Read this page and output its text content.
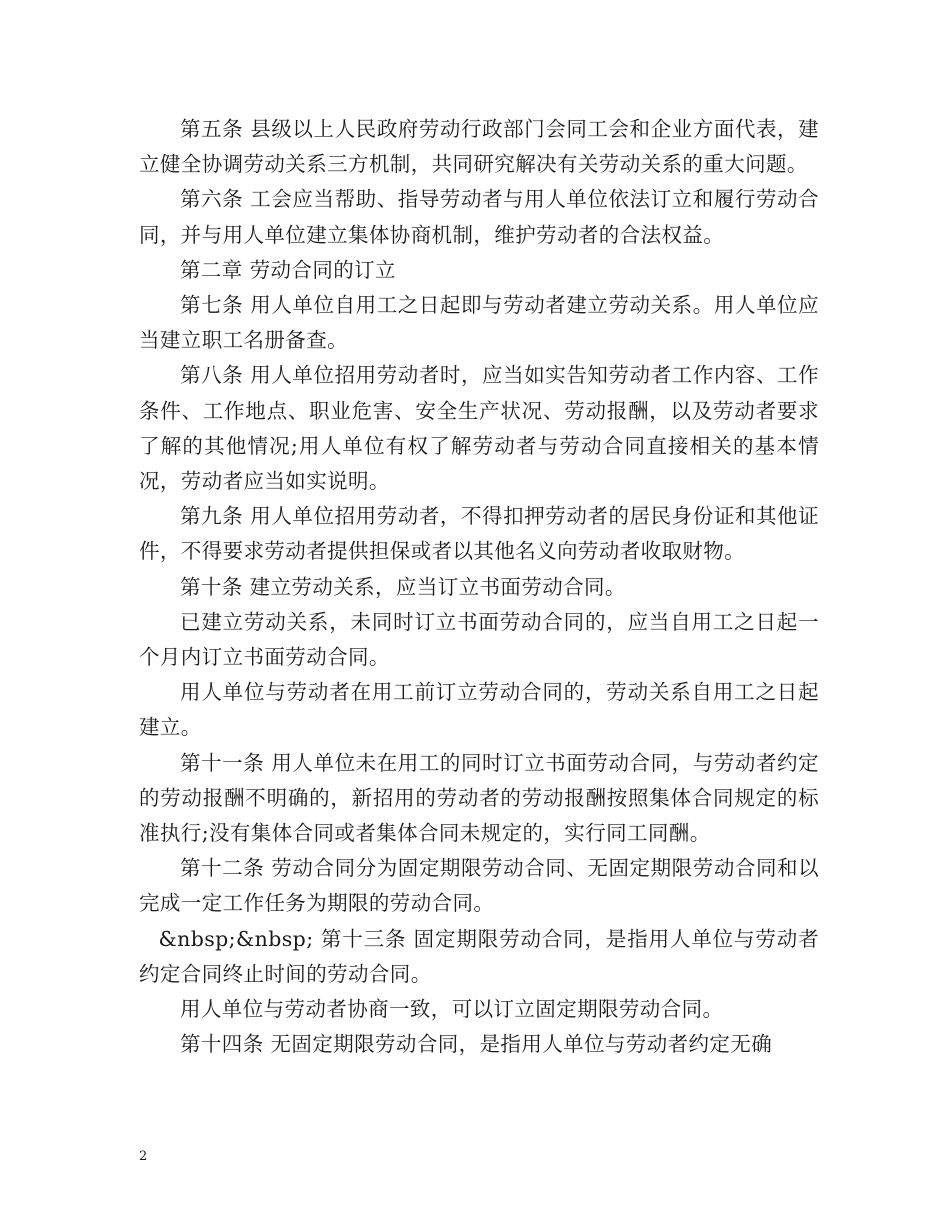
第五条 县级以上人民政府劳动行政部门会同工会和企业方面代表，建立健全协调劳动关系三方机制，共同研究解决有关劳动关系的重大问题。

第六条 工会应当帮助、指导劳动者与用人单位依法订立和履行劳动合同，并与用人单位建立集体协商机制，维护劳动者的合法权益。

第二章 劳动合同的订立

第七条 用人单位自用工之日起即与劳动者建立劳动关系。用人单位应当建立职工名册备查。

第八条 用人单位招用劳动者时，应当如实告知劳动者工作内容、工作条件、工作地点、职业危害、安全生产状况、劳动报酬，以及劳动者要求了解的其他情况;用人单位有权了解劳动者与劳动合同直接相关的基本情况，劳动者应当如实说明。

第九条 用人单位招用劳动者，不得扣押劳动者的居民身份证和其他证件，不得要求劳动者提供担保或者以其他名义向劳动者收取财物。

第十条 建立劳动关系，应当订立书面劳动合同。

已建立劳动关系，未同时订立书面劳动合同的，应当自用工之日起一个月内订立书面劳动合同。

用人单位与劳动者在用工前订立劳动合同的，劳动关系自用工之日起建立。

第十一条 用人单位未在用工的同时订立书面劳动合同，与劳动者约定的劳动报酬不明确的，新招用的劳动者的劳动报酬按照集体合同规定的标准执行;没有集体合同或者集体合同未规定的，实行同工同酬。

第十二条 劳动合同分为固定期限劳动合同、无固定期限劳动合同和以完成一定工作任务为期限的劳动合同。

&nbsp;&nbsp; 第十三条 固定期限劳动合同，是指用人单位与劳动者约定合同终止时间的劳动合同。

用人单位与劳动者协商一致，可以订立固定期限劳动合同。

第十四条 无固定期限劳动合同，是指用人单位与劳动者约定无确

2
